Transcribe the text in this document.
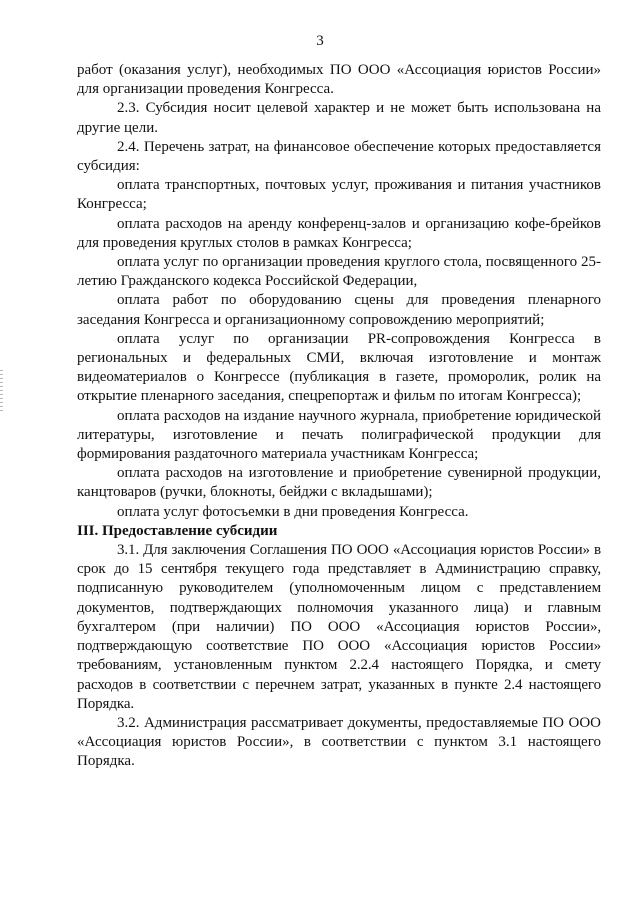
3

работ (оказания услуг), необходимых ПО ООО «Ассоциация юристов России» для организации проведения Конгресса.

2.3. Субсидия носит целевой характер и не может быть использована на другие цели.

2.4. Перечень затрат, на финансовое обеспечение которых предоставляется субсидия:

оплата транспортных, почтовых услуг, проживания и питания участников Конгресса;

оплата расходов на аренду конференц-залов и организацию кофе-брейков для проведения круглых столов в рамках Конгресса;

оплата услуг по организации проведения круглого стола, посвященного 25-летию Гражданского кодекса Российской Федерации,

оплата работ по оборудованию сцены для проведения пленарного заседания Конгресса и организационному сопровождению мероприятий;

оплата услуг по организации PR-сопровождения Конгресса в региональных и федеральных СМИ, включая изготовление и монтаж видеоматериалов о Конгрессе (публикация в газете, проморолик, ролик на открытие пленарного заседания, спецрепортаж и фильм по итогам Конгресса);

оплата расходов на издание научного журнала, приобретение юридической литературы, изготовление и печать полиграфической продукции для формирования раздаточного материала участникам Конгресса;

оплата расходов на изготовление и приобретение сувенирной продукции, канцтоваров (ручки, блокноты, бейджи с вкладышами);

оплата услуг фотосъемки в дни проведения Конгресса.

III. Предоставление субсидии

3.1. Для заключения Соглашения ПО ООО «Ассоциация юристов России» в срок до 15 сентября текущего года представляет в Администрацию справку, подписанную руководителем (уполномоченным лицом с представлением документов, подтверждающих полномочия указанного лица) и главным бухгалтером (при наличии) ПО ООО «Ассоциация юристов России», подтверждающую соответствие ПО ООО «Ассоциация юристов России» требованиям, установленным пунктом 2.2.4 настоящего Порядка, и смету расходов в соответствии с перечнем затрат, указанных в пункте 2.4 настоящего Порядка.

3.2. Администрация рассматривает документы, предоставляемые ПО ООО «Ассоциация юристов России», в соответствии с пунктом 3.1 настоящего Порядка.
